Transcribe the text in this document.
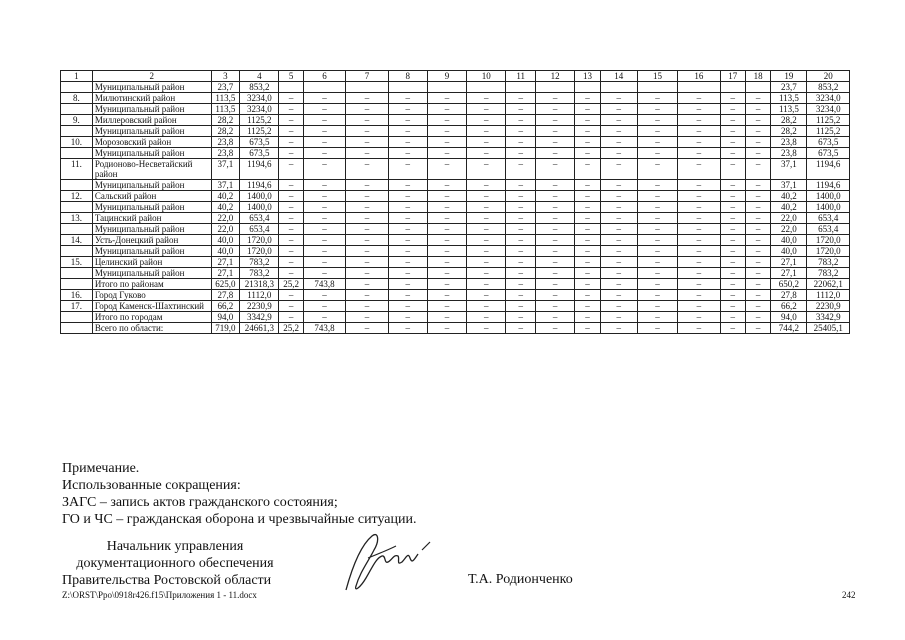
1	2	3	4	5	6	7	8	9	10	11	12	13	14	15	16	17	18	19	20
	Муниципальный район	23,7	853,2															23,7	853,2
8.	Милютинский район	113,5	3234,0	–	–	–	–	–	–	–	–	–	–	–	–	–	–	113,5	3234,0
	Муниципальный район	113,5	3234,0	–	–	–	–	–	–	–	–	–	–	–	–	–	–	113,5	3234,0
9.	Миллеровский район	28,2	1125,2	–	–	–	–	–	–	–	–	–	–	–	–	–	–	28,2	1125,2
	Муниципальный район	28,2	1125,2	–	–	–	–	–	–	–	–	–	–	–	–	–	–	28,2	1125,2
10.	Морозовский район	23,8	673,5	–	–	–	–	–	–	–	–	–	–	–	–	–	–	23,8	673,5
	Муниципальный район	23,8	673,5	–	–	–	–	–	–	–	–	–	–	–	–	–	–	23,8	673,5
11.	Родионово-Несветайский район	37,1	1194,6	–	–	–	–	–	–	–	–	–	–	–	–	–	–	37,1	1194,6
	Муниципальный район	37,1	1194,6	–	–	–	–	–	–	–	–	–	–	–	–	–	–	37,1	1194,6
12.	Сальский район	40,2	1400,0	–	–	–	–	–	–	–	–	–	–	–	–	–	–	40,2	1400,0
	Муниципальный район	40,2	1400,0	–	–	–	–	–	–	–	–	–	–	–	–	–	–	40,2	1400,0
13.	Тацинский район	22,0	653,4	–	–	–	–	–	–	–	–	–	–	–	–	–	–	22,0	653,4
	Муниципальный район	22,0	653,4	–	–	–	–	–	–	–	–	–	–	–	–	–	–	22,0	653,4
14.	Усть-Донецкий район	40,0	1720,0	–	–	–	–	–	–	–	–	–	–	–	–	–	–	40,0	1720,0
	Муниципальный район	40,0	1720,0	–	–	–	–	–	–	–	–	–	–	–	–	–	–	40,0	1720,0
15.	Целинский район	27,1	783,2	–	–	–	–	–	–	–	–	–	–	–	–	–	–	27,1	783,2
	Муниципальный район	27,1	783,2	–	–	–	–	–	–	–	–	–	–	–	–	–	–	27,1	783,2
	Итого по районам	625,0	21318,3	25,2	743,8	–	–	–	–	–	–	–	–	–	–	–	–	650,2	22062,1
16.	Город Гуково	27,8	1112,0	–	–	–	–	–	–	–	–	–	–	–	–	–	–	27,8	1112,0
17.	Город Каменск-Шахтинский	66,2	2230,9	–	–	–	–	–	–	–	–	–	–	–	–	–	–	66,2	2230,9
	Итого по городам	94,0	3342,9	–	–	–	–	–	–	–	–	–	–	–	–	–	–	94,0	3342,9
	Всего по области:	719,0	24661,3	25,2	743,8	–	–	–	–	–	–	–	–	–	–	–	–	744,2	25405,1
Примечание.
Использованные сокращения:
ЗАГС – запись актов гражданского состояния;
ГО и ЧС – гражданская оборона и чрезвычайные ситуации.
Начальник управления
документационного обеспечения
Правительства Ростовской области	Т.А. Родионченко
Z:\ORST\Ppo\0918r426.f15\Приложения 1 - 11.docx	242
